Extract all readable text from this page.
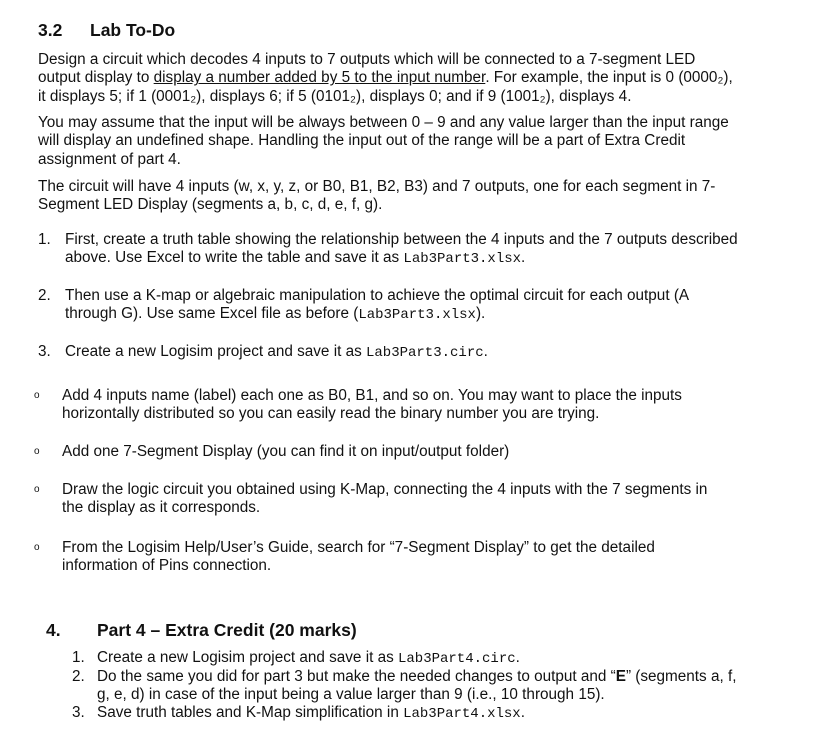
3.2 Lab To-Do
Design a circuit which decodes 4 inputs to 7 outputs which will be connected to a 7-segment LED output display to display a number added by 5 to the input number. For example, the input is 0 (0000₂), it displays 5; if 1 (0001₂), displays 6; if 5 (0101₂), displays 0; and if 9 (1001₂), displays 4.
You may assume that the input will be always between 0 – 9 and any value larger than the input range will display an undefined shape. Handling the input out of the range will be a part of Extra Credit assignment of part 4.
The circuit will have 4 inputs (w, x, y, z, or B0, B1, B2, B3) and 7 outputs, one for each segment in 7-Segment LED Display (segments a, b, c, d, e, f, g).
1. First, create a truth table showing the relationship between the 4 inputs and the 7 outputs described above. Use Excel to write the table and save it as Lab3Part3.xlsx.
2. Then use a K-map or algebraic manipulation to achieve the optimal circuit for each output (A through G). Use same Excel file as before (Lab3Part3.xlsx).
3. Create a new Logisim project and save it as Lab3Part3.circ.
o Add 4 inputs name (label) each one as B0, B1, and so on. You may want to place the inputs horizontally distributed so you can easily read the binary number you are trying.
o Add one 7-Segment Display (you can find it on input/output folder)
o Draw the logic circuit you obtained using K-Map, connecting the 4 inputs with the 7 segments in the display as it corresponds.
o From the Logisim Help/User’s Guide, search for “7-Segment Display” to get the detailed information of Pins connection.
4. Part 4 – Extra Credit (20 marks)
1. Create a new Logisim project and save it as Lab3Part4.circ.
2. Do the same you did for part 3 but make the needed changes to output and “E” (segments a, f, g, e, d) in case of the input being a value larger than 9 (i.e., 10 through 15).
3. Save truth tables and K-Map simplification in Lab3Part4.xlsx.
